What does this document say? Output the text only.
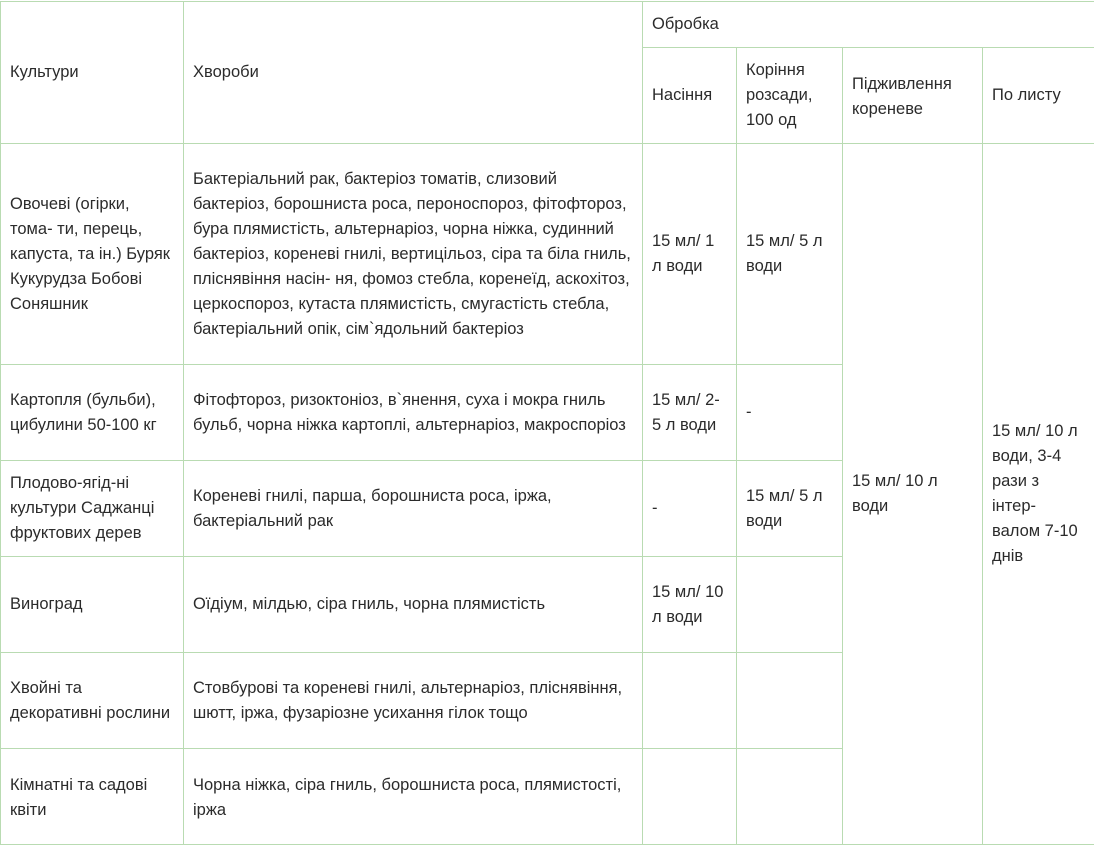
Культури	Хвороби	Обробка			
		Насіння	Коріння розсади, 100 од	Підживлення кореневе	По листу
Овочеві (огірки, тома- ти, перець, капуста, та ін.) Буряк Кукурудза Бобові Соняшник	Бактеріальний рак, бактеріоз томатів, слизовий бактеріоз, борошниста роса, пероноспороз, фітофтороз, бура плямистість, альтернаріоз, чорна ніжка, судинний бактеріоз, кореневі гнилі, вертицільоз, сіра та біла гниль, пліснявіння насін- ня, фомоз стебла, коренеїд, аскохітоз, церкоспороз, кутаста плямистість, смугастість стебла, бактеріальний опік, сім`ядольний бактеріоз	15 мл/ 1 л води	15 мл/ 5 л води	15 мл/ 10 л води	15 мл/ 10 л води, 3-4 рази з інтер- валом 7-10 днів
Картопля (бульби), цибулини 50-100 кг	Фітофтороз, ризоктоніоз, в`янення, суха і мокра гниль бульб, чорна ніжка картоплі, альтернаріоз, макроспоріоз	15 мл/ 2-5 л води	-		
Плодово-ягід-ні культури Саджанці фруктових дерев	Кореневі гнилі, парша, борошниста роса, іржа, бактеріальний рак	-	15 мл/ 5 л води		
Виноград	Оїдіум, мілдью, сіра гниль, чорна плямистість	15 мл/ 10 л води			
Хвойні та декоративні рослини	Стовбурові та кореневі гнилі, альтернаріоз, пліснявіння, шютт, іржа, фузаріозне усихання гілок тощо				
Кімнатні та садові квіти	Чорна ніжка, сіра гниль, борошниста роса, плямистості, іржа				
